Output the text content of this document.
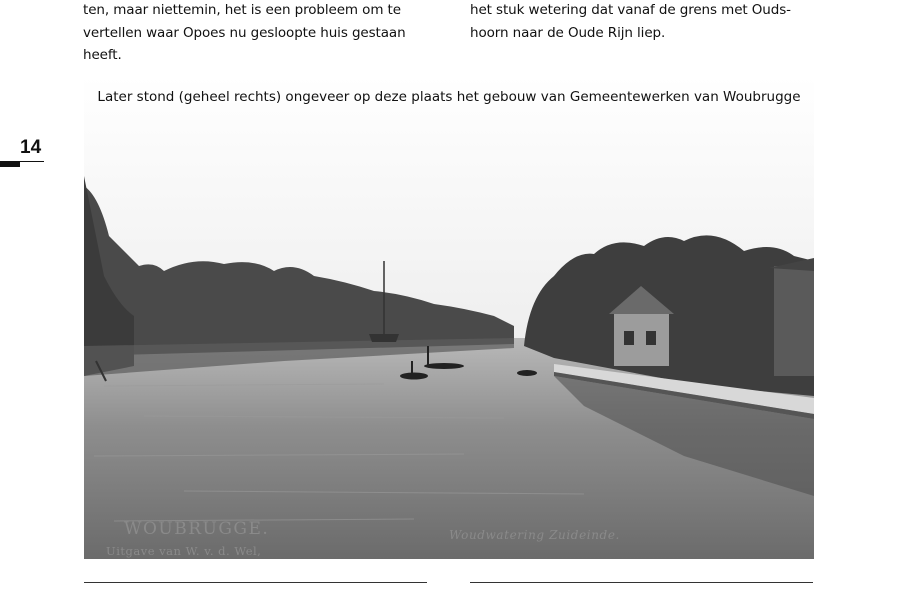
ten, maar niettemin, het is een probleem om te

vertellen waar Opoes nu gesloopte huis gestaan

heeft.

het stuk wetering dat vanaf de grens met Ouds-

hoorn naar de Oude Rijn liep.

14
Later stond (geheel rechts) ongeveer op deze plaats het gebouw van Gemeentewerken van Woubrugge
WOUBRUGGE.
Uitgave van W. v. d. Wel,
Woudwatering Zuideinde.
